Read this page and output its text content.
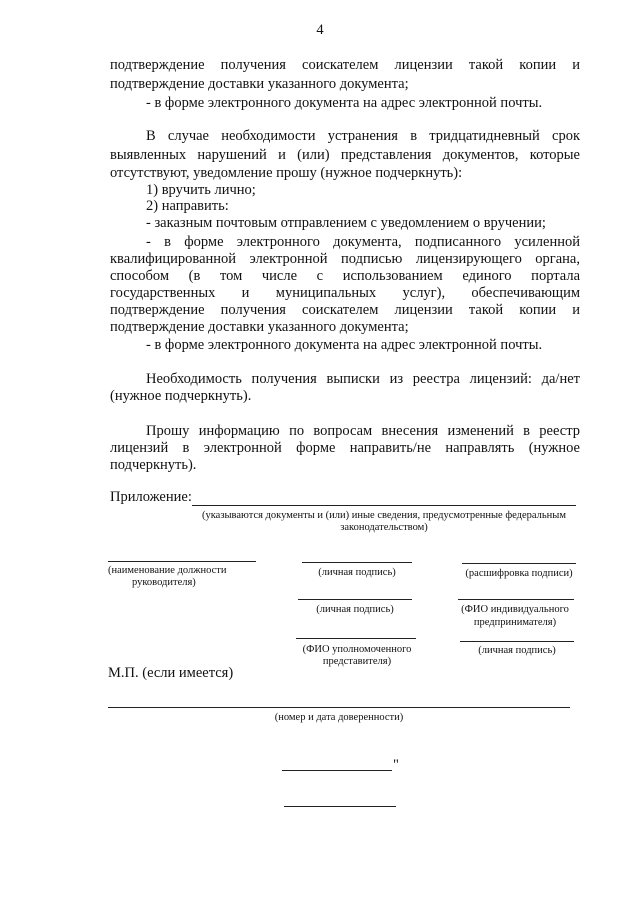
4
подтверждение получения соискателем лицензии такой копии и
подтверждение доставки указанного документа;
- в форме электронного документа на адрес электронной почты.
В случае необходимости устранения в тридцатидневный срок
выявленных нарушений и (или) представления документов, которые
отсутствуют, уведомление прошу (нужное подчеркнуть):
1) вручить лично;
2) направить:
- заказным почтовым отправлением с уведомлением о вручении;
- в форме электронного документа, подписанного усиленной
квалифицированной электронной подписью лицензирующего органа,
способом (в том числе с использованием единого портала
государственных и муниципальных услуг), обеспечивающим
подтверждение получения соискателем лицензии такой копии и
подтверждение доставки указанного документа;
- в форме электронного документа на адрес электронной почты.
Необходимость получения выписки из реестра лицензий: да/нет
(нужное подчеркнуть).
Прошу информацию по вопросам внесения изменений в реестр
лицензий в электронной форме направить/не направлять (нужное
подчеркнуть).
Приложение:
(указываются документы и (или) иные сведения, предусмотренные федеральным
законодательством)
(наименование должности
руководителя)
(личная подпись)	(расшифровка подписи)
(личная подпись)	(ФИО индивидуального
предпринимателя)
(ФИО уполномоченного
представителя)
(личная подпись)
М.П. (если имеется)
(номер и дата доверенности)
"
